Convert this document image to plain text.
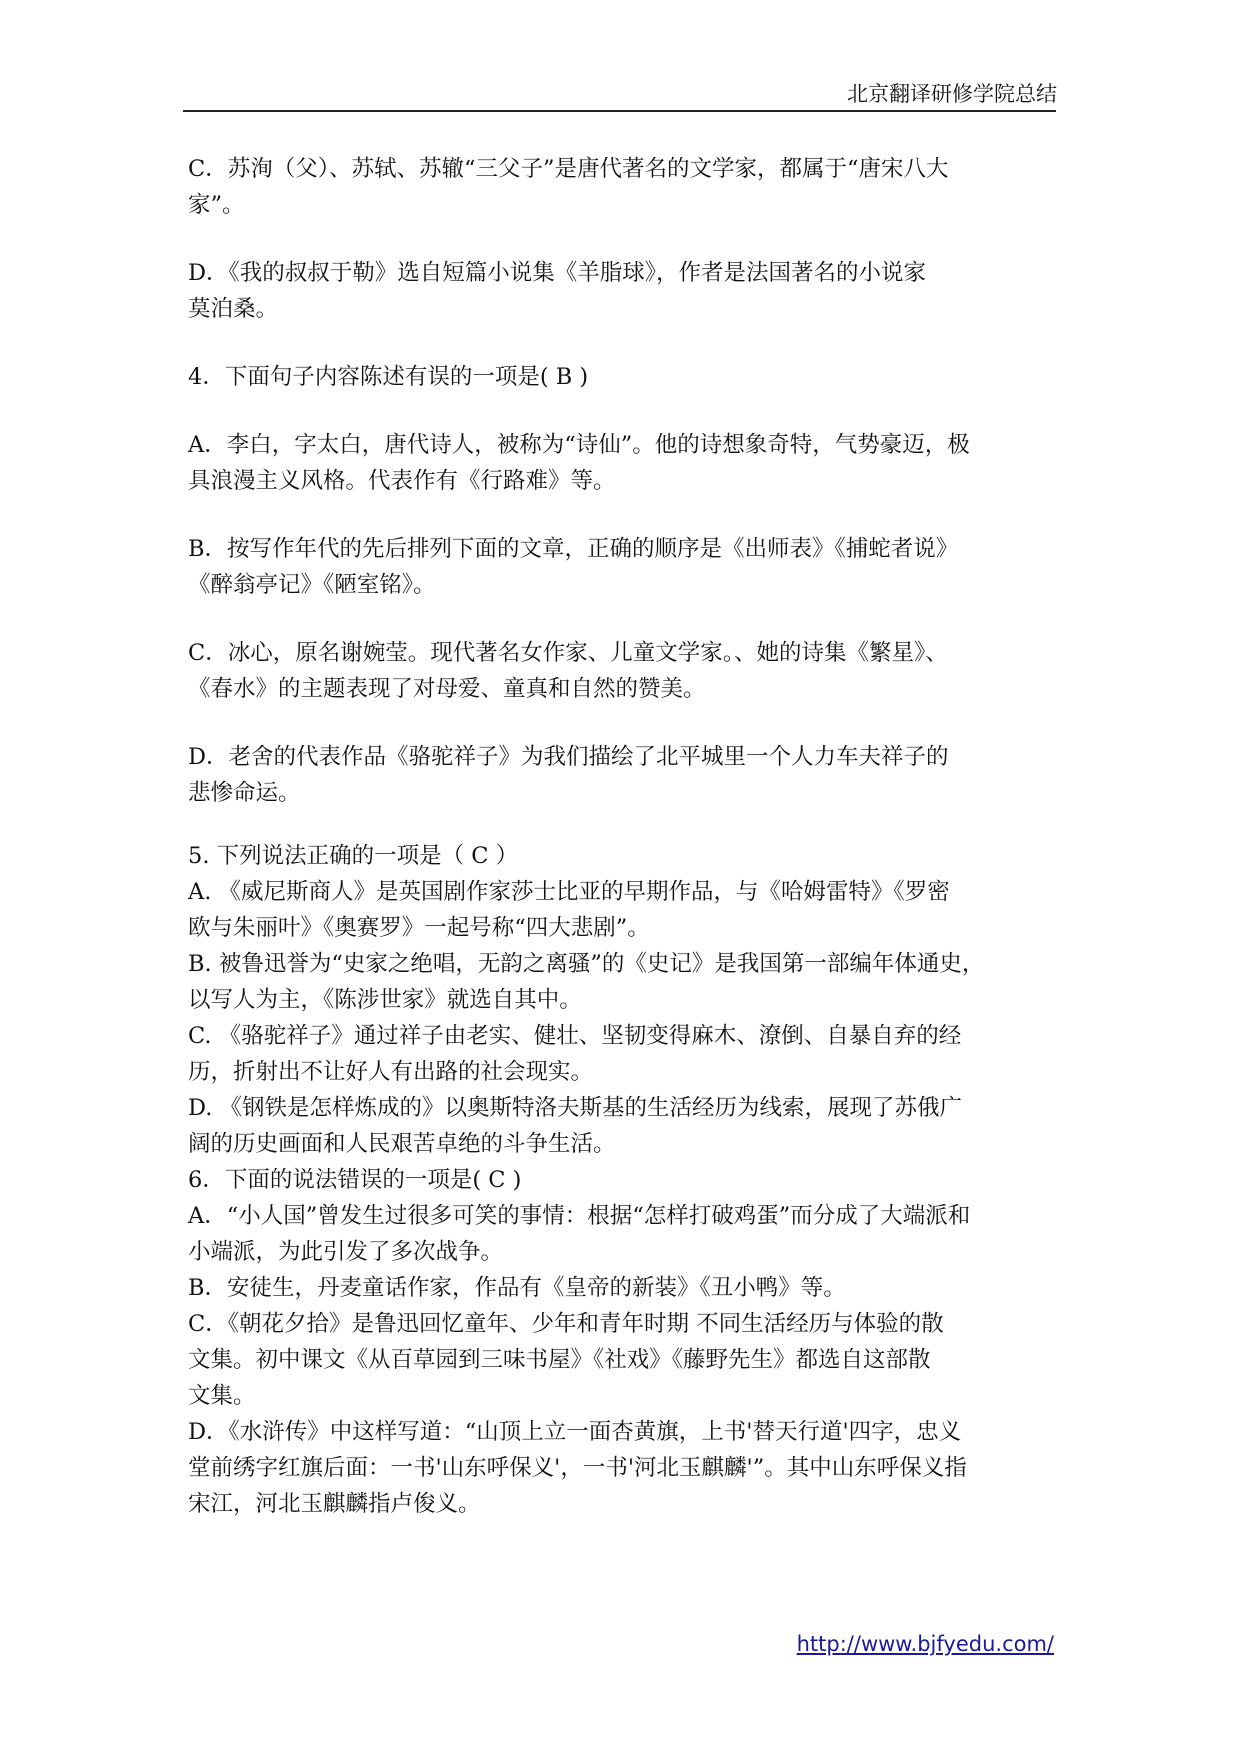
北京翻译研修学院总结

C．苏洵（父）、苏轼、苏辙“三父子”是唐代著名的文学家，都属于“唐宋八大

家”。

D．《我的叔叔于勒》选自短篇小说集《羊脂球》，作者是法国著名的小说家

莫泊桑。

4．下面句子内容陈述有误的一项是( B )

A．李白，字太白，唐代诗人，被称为“诗仙”。他的诗想象奇特，气势豪迈，极

具浪漫主义风格。代表作有《行路难》等。

B．按写作年代的先后排列下面的文章，正确的顺序是《出师表》《捕蛇者说》

《醉翁亭记》《陋室铭》。

C．冰心，原名谢婉莹。现代著名女作家、儿童文学家。、她的诗集《繁星》、

《春水》的主题表现了对母爱、童真和自然的赞美。

D．老舍的代表作品《骆驼祥子》为我们描绘了北平城里一个人力车夫祥子的

悲惨命运。

5. 下列说法正确的一项是（ C ）

A. 《威尼斯商人》是英国剧作家莎士比亚的早期作品，与《哈姆雷特》《罗密

欧与朱丽叶》《奥赛罗》一起号称“四大悲剧”。

B. 被鲁迅誉为“史家之绝唱，无韵之离骚”的《史记》是我国第一部编年体通史，

以写人为主，《陈涉世家》就选自其中。

C. 《骆驼祥子》通过祥子由老实、健壮、坚韧变得麻木、潦倒、自暴自弃的经

历，折射出不让好人有出路的社会现实。

D. 《钢铁是怎样炼成的》以奥斯特洛夫斯基的生活经历为线索，展现了苏俄广

阔的历史画面和人民艰苦卓绝的斗争生活。

6．下面的说法错误的一项是( C )

A．“小人国”曾发生过很多可笑的事情：根据“怎样打破鸡蛋”而分成了大端派和

小端派，为此引发了多次战争。

B．安徒生，丹麦童话作家，作品有《皇帝的新装》《丑小鸭》等。

C．《朝花夕拾》是鲁迅回忆童年、少年和青年时期 不同生活经历与体验的散

文集。初中课文《从百草园到三味书屋》《社戏》《藤野先生》都选自这部散

文集。

D．《水浒传》中这样写道：“山顶上立一面杏黄旗，上书'替天行道'四字，忠义

堂前绣字红旗后面：一书'山东呼保义'，一书'河北玉麒麟'”。其中山东呼保义指

宋江，河北玉麒麟指卢俊义。

http://www.bjfyedu.com/
